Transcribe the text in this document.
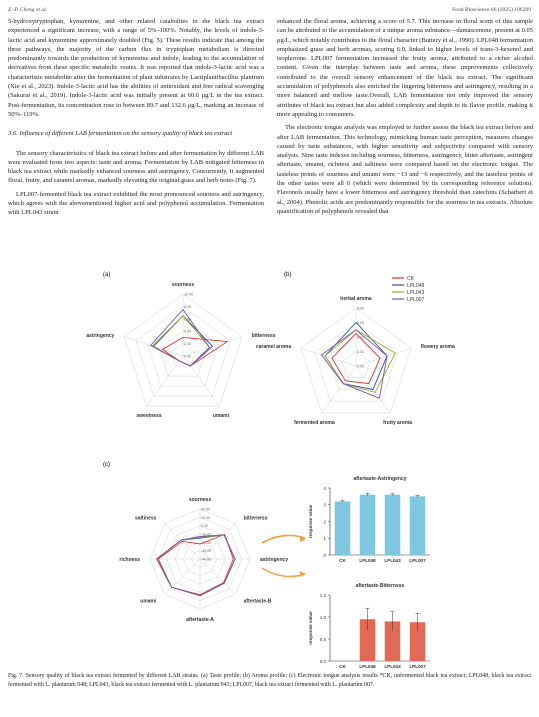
Z.-P. Cheng et al.	Food Bioscience 66 (2025) 106299

5-hydroxytryptophan, kynurenine, and other related catabolites in the black tea extract experienced a significant increase, with a range of 5%–100%. Notably, the levels of indole-3-lactic acid and kynurenine approximately doubled (Fig. 5). These results indicate that among the three pathways, the majority of the carbon flux in tryptophan metabolism is directed predominantly towards the production of kynurenine and indole, leading to the accumulation of derivatives from these specific metabolic routes. It was reported that indole-3-lactic acid was a characteristic metabolite after the fermentation of plant substrates by Lactiplantibacillus plantrum (Xie et al., 2023). Indole-3-lactic acid has the abilities of antioxidant and free radical scavenging (Sakurai et al., 2019). Indole-3-lactic acid was initially present at 60.6 μg/L in the tea extract. Post-fermentation, its concentration rose to between 89.7 and 132.6 μg/L, marking an increase of 50%–119%.

3.6. Influence of different LAB fermentation on the sensory quality of black tea extract

The sensory characteristics of black tea extract before and after fermentation by different LAB were evaluated from two aspects: taste and aroma. Fermentation by LAB mitigated bitterness in black tea extract while markedly enhanced sourness and astringency. Concurrently, it augmented floral, fruity, and caramel aromas, markedly elevating the original grass and herb notes (Fig. 7).

LPL007-fermented black tea extract exhibited the most pronounced sourness and astringency, which agrees with the abovementioned higher acid and polyphenol accumulation. Fermentation with LPL043 strain

enhanced the floral aroma, achieving a score of 5.7. This increase in floral scent of this sample can be attributed to the accumulation of a unique aroma substance—damascenone, present at 0.05 μg/L, which notably contributes to the floral character (Buttery et al., 1990). LPL048 fermentation emphasized grass and herb aromas, scoring 6.0, linked to higher levels of trans-3-hexenol and isophorone. LPL007 fermentation increased the fruity aroma, attributed to a richer alcohol content. Given the interplay between taste and aroma, these improvements collectively contributed to the overall sensory enhancement of the black tea extract. The significant accumulation of polyphenols also enriched the lingering bitterness and astringency, resulting in a more balanced and mellow taste.Overall, LAB fermentation not only improved the sensory attributes of black tea extract but also added complexity and depth to its flavor profile, making it more appealing to consumers.

The electronic tongue analysis was employed to further assess the black tea extract before and after LAB fermentation. This technology, mimicking human taste perception, measures changes caused by taste substances, with higher sensitivity and subjectivity compared with sensory analysis. Nine taste indexes including sourness, bitterness, astringency, bitter aftertaste, astringent aftertaste, umami, richness and saltiness were compared based on the electronic tongue. The tasteless points of sourness and umami were −13 and −6 respectively, and the tasteless points of the other tastes were all 0 (which were determined by its corresponding reference solution). Flavonols usually have a lower bitterness and astringency threshold than catechins (Scharbert et al., 2004). Phenolic acids are predominantly responsible for the sourness in tea extracts. Absolute quantification of polyphenols revealed that

(a)	(b)
(c)
10.00
8.00
6.00
4.00
2.00
0.00
sourness
bitterness
umami
sweetness
astringency
8.00
6.00
4.00
2.00
0.00
herbal aroma
flowery aroma
fruity aroma
fermented aroma
caramel aroma
CK
LPL048
LPL043
LPL007
20.00
10.00
0.00
-10.00
-20.00
-30.00
-40.00
sourness
bitterness
astringency
aftertaste-B
aftertaste-A
umami
richness
saltiness
aftertaste-Astringency
0
1
2
3
4
response value
CK	LPL048 LPL043 LPL007
aftertaste-Bitterness
0.0
0.5
1.0
1.5
response value
CK	LPL048 LPL043 LPL007
Fig. 7. Sensory quality of black tea extract fermented by different LAB strains. (a) Taste profile; (b) Aroma profile; (c) Electronic tongue analysis results *CK, unfermented black tea extract; LPL048, black tea extract fermented with L. plantarum 048; LPL043, black tea extract fermented with L. plantarum 043; LPL007, black tea extract fermented with L. plantarum 007.
